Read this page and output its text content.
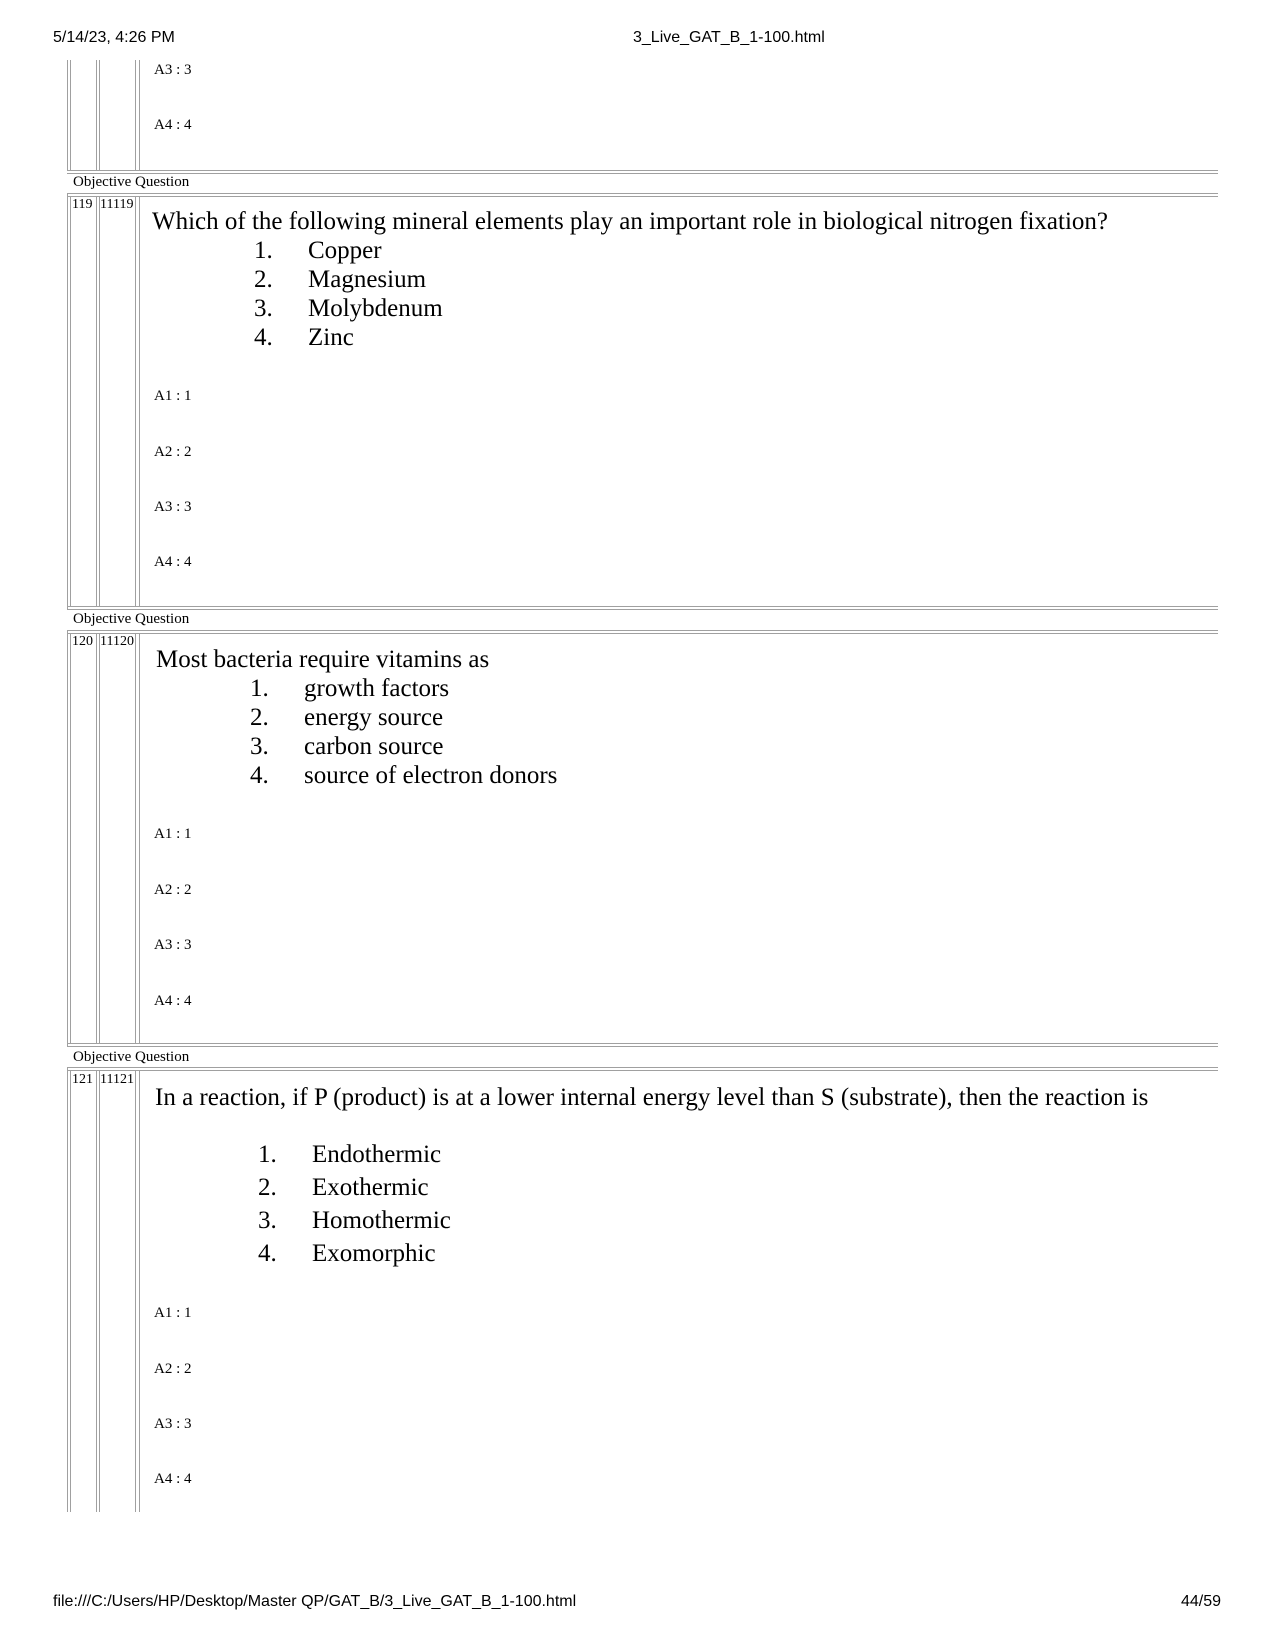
5/14/23, 4:26 PM	3_Live_GAT_B_1-100.html
A3 : 3
A4 : 4
Objective Question
119 11119
Which of the following mineral elements play an important role in biological nitrogen fixation?
1. Copper
2. Magnesium
3. Molybdenum
4. Zinc
A1 : 1
A2 : 2
A3 : 3
A4 : 4
Objective Question
120 11120
Most bacteria require vitamins as
1. growth factors
2. energy source
3. carbon source
4. source of electron donors
A1 : 1
A2 : 2
A3 : 3
A4 : 4
Objective Question
121 11121
In a reaction, if P (product) is at a lower internal energy level than S (substrate), then the reaction is
1. Endothermic
2. Exothermic
3. Homothermic
4. Exomorphic
A1 : 1
A2 : 2
A3 : 3
A4 : 4
file:///C:/Users/HP/Desktop/Master QP/GAT_B/3_Live_GAT_B_1-100.html	44/59
